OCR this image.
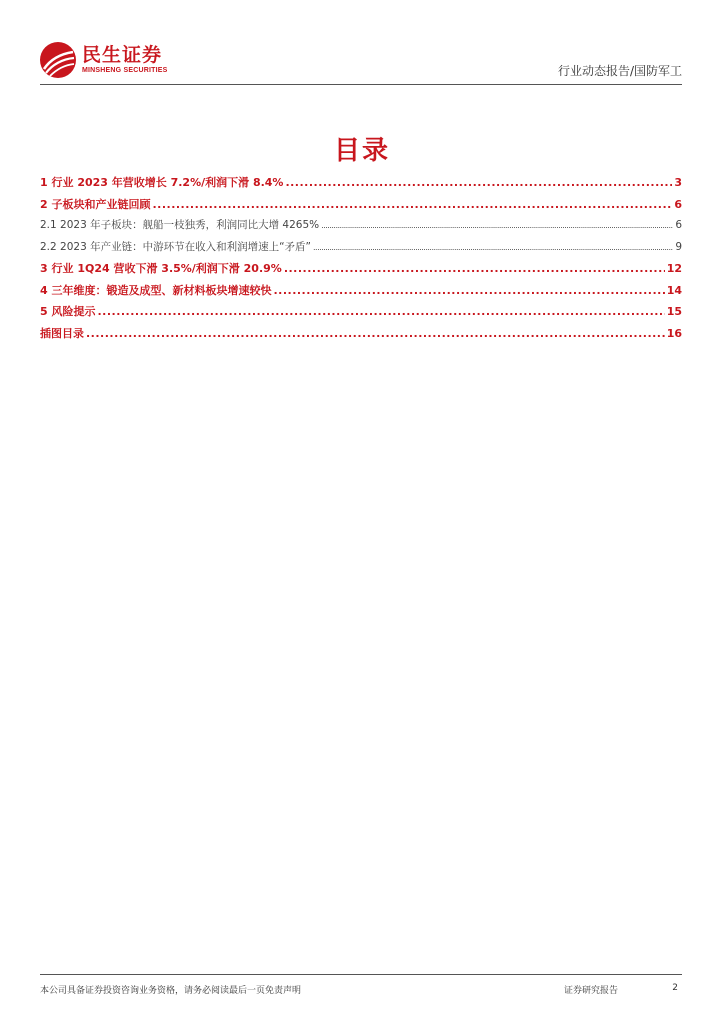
民生证券
MINSHENG SECURITIES	行业动态报告/国防军工
目录
1 行业 2023 年营收增长 7.2%/利润下滑 8.4% .....	3
2 子板块和产业链回顾 .....	6
2.1 2023 年子板块：舰船一枝独秀，利润同比大增 4265% .....	6
2.2 2023 年产业链：中游环节在收入和利润增速上“矛盾” .....	9
3 行业 1Q24 营收下滑 3.5%/利润下滑 20.9% .....	12
4 三年维度：锻造及成型、新材料板块增速较快 .....	14
5 风险提示 .....	15
插图目录 .....	16
本公司具备证券投资咨询业务资格，请务必阅读最后一页免责声明	证券研究报告	2
